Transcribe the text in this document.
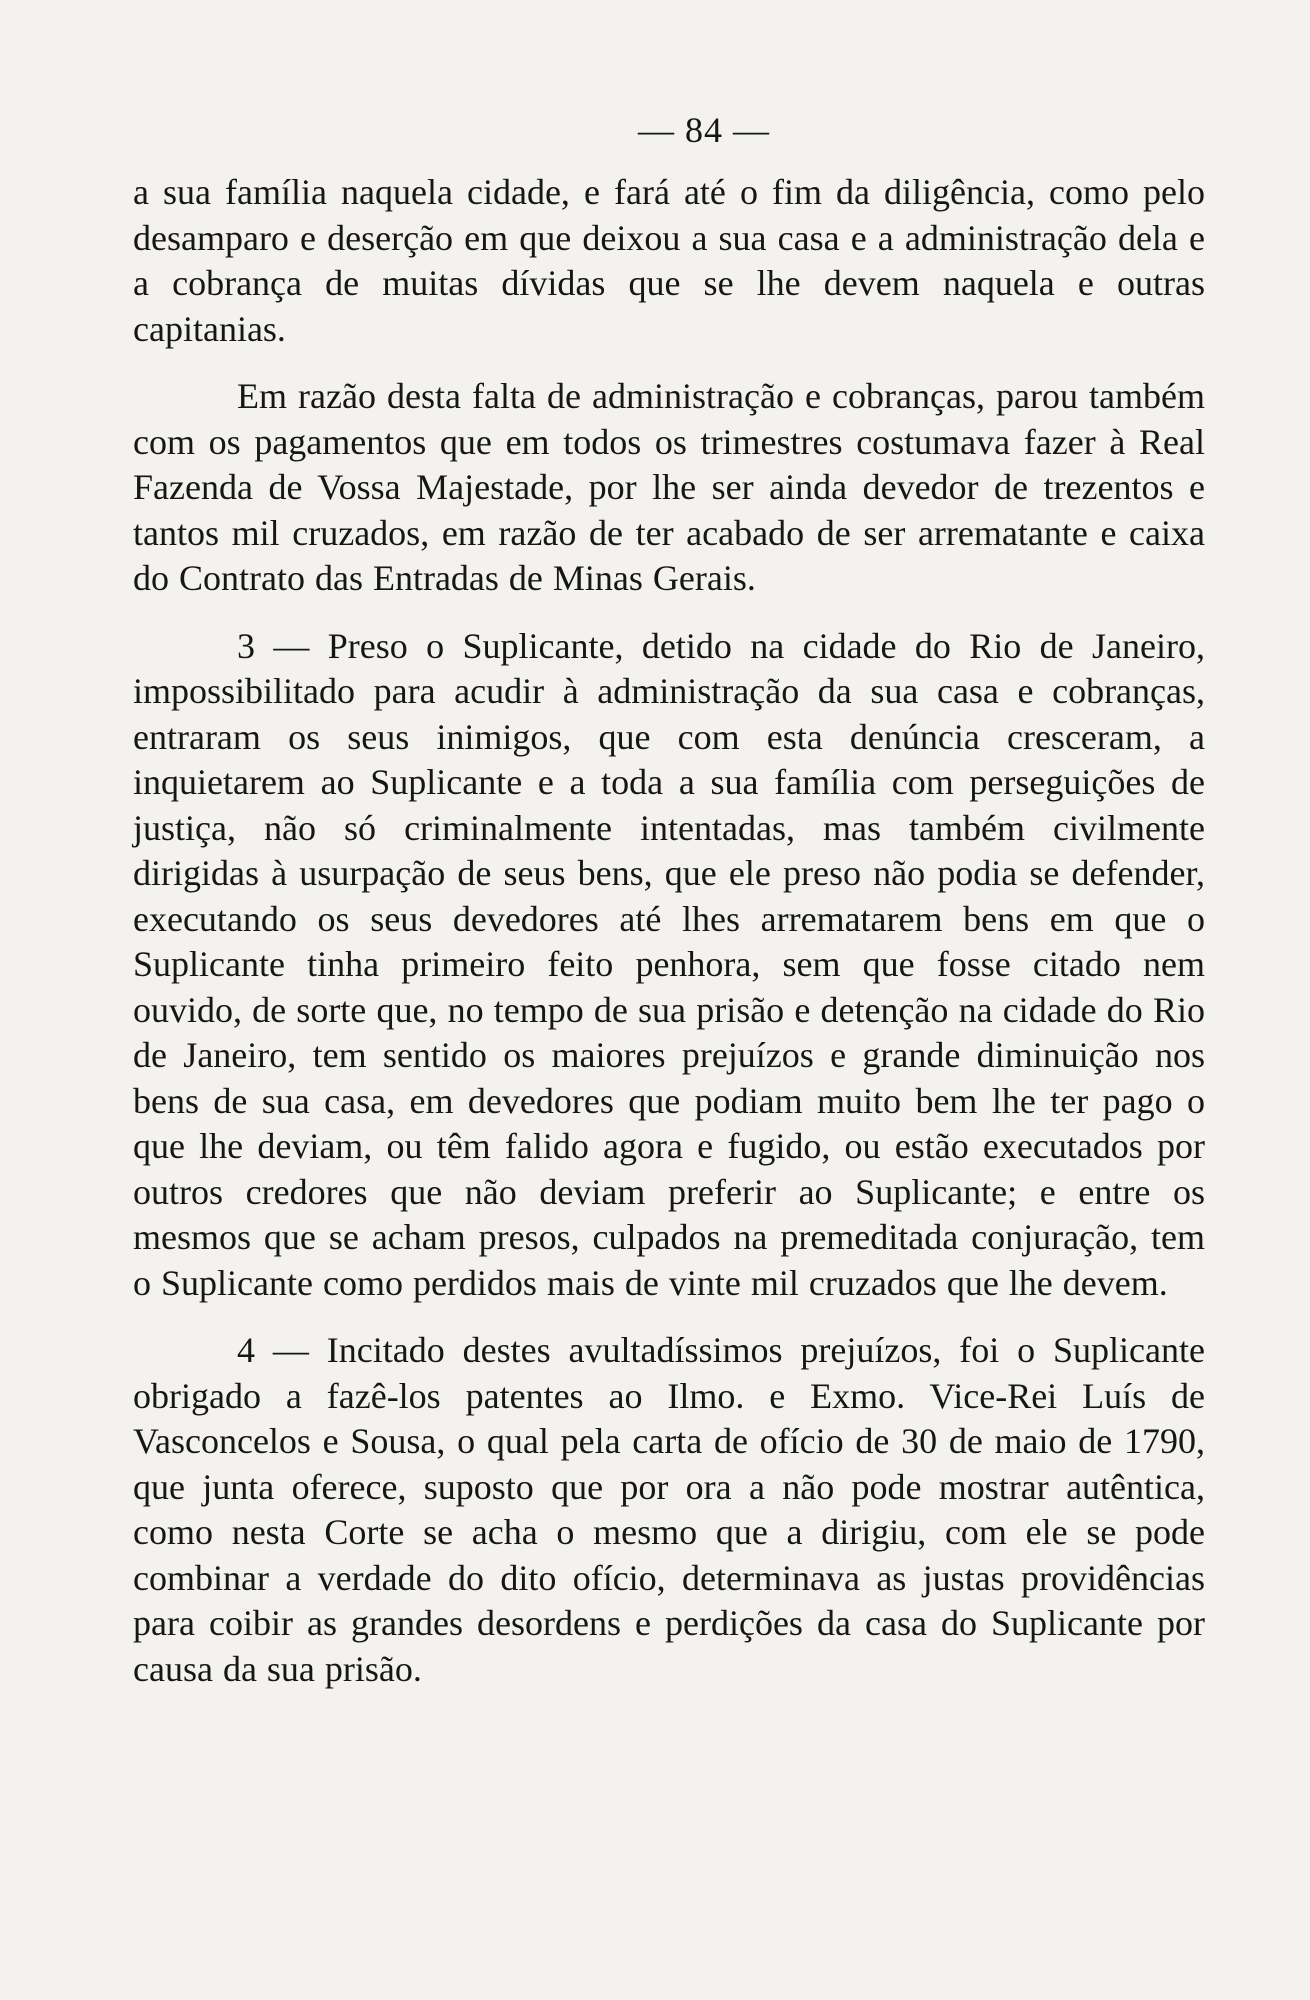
— 84 —

a sua família naquela cidade, e fará até o fim da diligência, como pelo desamparo e deserção em que deixou a sua casa e a administração dela e a cobrança de muitas dívidas que se lhe devem naquela e outras capitanias.

Em razão desta falta de administração e cobranças, parou também com os pagamentos que em todos os trimestres costumava fazer à Real Fazenda de Vossa Majestade, por lhe ser ainda devedor de trezentos e tantos mil cruzados, em razão de ter acabado de ser arrematante e caixa do Contrato das Entradas de Minas Gerais.

3 — Preso o Suplicante, detido na cidade do Rio de Janeiro, impossibilitado para acudir à administração da sua casa e cobranças, entraram os seus inimigos, que com esta denúncia cresceram, a inquietarem ao Suplicante e a toda a sua família com perseguições de justiça, não só criminalmente intentadas, mas também civilmente dirigidas à usurpação de seus bens, que ele preso não podia se defender, executando os seus devedores até lhes arrematarem bens em que o Suplicante tinha primeiro feito penhora, sem que fosse citado nem ouvido, de sorte que, no tempo de sua prisão e detenção na cidade do Rio de Janeiro, tem sentido os maiores prejuízos e grande diminuição nos bens de sua casa, em devedores que podiam muito bem lhe ter pago o que lhe deviam, ou têm falido agora e fugido, ou estão executados por outros credores que não deviam preferir ao Suplicante; e entre os mesmos que se acham presos, culpados na premeditada conjuração, tem o Suplicante como perdidos mais de vinte mil cruzados que lhe devem.

4 — Incitado destes avultadíssimos prejuízos, foi o Suplicante obrigado a fazê-los patentes ao Ilmo. e Exmo. Vice-Rei Luís de Vasconcelos e Sousa, o qual pela carta de ofício de 30 de maio de 1790, que junta oferece, suposto que por ora a não pode mostrar autêntica, como nesta Corte se acha o mesmo que a dirigiu, com ele se pode combinar a verdade do dito ofício, determinava as justas providências para coibir as grandes desordens e perdições da casa do Suplicante por causa da sua prisão.
